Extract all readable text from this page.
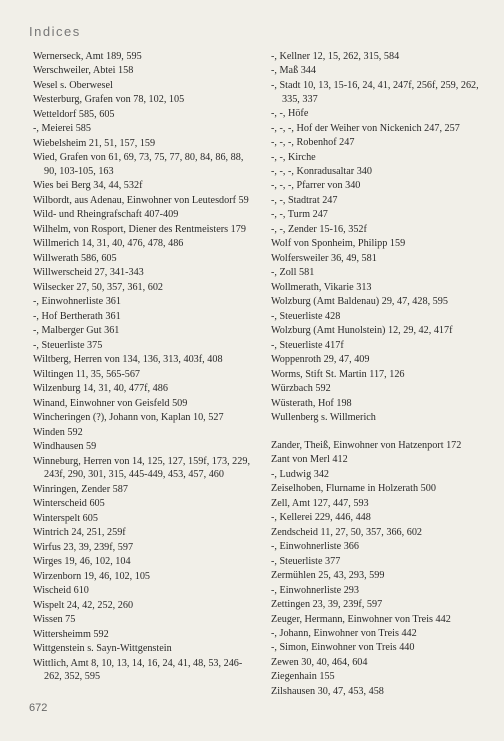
Indices
Wernerseck, Amt 189, 595
Werschweiler, Abtei 158
Wesel s. Oberwesel
Westerburg, Grafen von 78, 102, 105
Wetteldorf 585, 605
-, Meierei 585
Wiebelsheim 21, 51, 157, 159
Wied, Grafen von 61, 69, 73, 75, 77, 80, 84, 86, 88, 90, 103-105, 163
Wies bei Berg 34, 44, 532f
Wilbordt, aus Adenau, Einwohner von Leutesdorf 59
Wild- und Rheingrafschaft 407-409
Wilhelm, von Rosport, Diener des Rentmeisters 179
Willmerich 14, 31, 40, 476, 478, 486
Willwerath 586, 605
Willwerscheid 27, 341-343
Wilsecker 27, 50, 357, 361, 602
-, Einwohnerliste 361
-, Hof Bertherath 361
-, Malberger Gut 361
-, Steuerliste 375
Wiltberg, Herren von 134, 136, 313, 403f, 408
Wiltingen 11, 35, 565-567
Wilzenburg 14, 31, 40, 477f, 486
Winand, Einwohner von Geisfeld 509
Wincheringen (?), Johann von, Kaplan 10, 527
Winden 592
Windhausen 59
Winneburg, Herren von 14, 125, 127, 159f, 173, 229, 243f, 290, 301, 315, 445-449, 453, 457, 460
Winringen, Zender 587
Winterscheid 605
Winterspelt 605
Wintrich 24, 251, 259f
Wirfus 23, 39, 239f, 597
Wirges 19, 46, 102, 104
Wirzenborn 19, 46, 102, 105
Wischeid 610
Wispelt 24, 42, 252, 260
Wissen 75
Wittersheimm 592
Wittgenstein s. Sayn-Wittgenstein
Wittlich, Amt 8, 10, 13, 14, 16, 24, 41, 48, 53, 246-262, 352, 595
-, Kellner 12, 15, 262, 315, 584
-, Maß 344
-, Stadt 10, 13, 15-16, 24, 41, 247f, 256f, 259, 262, 335, 337
-, -, Höfe
-, -, -, Hof der Weiher von Nickenich 247, 257
-, -, -, Robenhof 247
-, -, Kirche
-, -, -, Konradusaltar 340
-, -, -, Pfarrer von 340
-, -, Stadtrat 247
-, -, Turm 247
-, -, Zender 15-16, 352f
Wolf von Sponheim, Philipp 159
Wolfersweiler 36, 49, 581
-, Zoll 581
Wollmerath, Vikarie 313
Wolzburg (Amt Baldenau) 29, 47, 428, 595
-, Steuerliste 428
Wolzburg (Amt Hunolstein) 12, 29, 42, 417f
-, Steuerliste 417f
Woppenroth 29, 47, 409
Worms, Stift St. Martin 117, 126
Würzbach 592
Wüsterath, Hof 198
Wullenberg s. Willmerich
Zander, Theiß, Einwohner von Hatzenport 172
Zant von Merl 412
-, Ludwig 342
Zeiselhoben, Flurname in Holzerath 500
Zell, Amt 127, 447, 593
-, Kellerei 229, 446, 448
Zendscheid 11, 27, 50, 357, 366, 602
-, Einwohnerliste 366
-, Steuerliste 377
Zermühlen 25, 43, 293, 599
-, Einwohnerliste 293
Zettingen 23, 39, 239f, 597
Zeuger, Hermann, Einwohner von Treis 442
-, Johann, Einwohner von Treis 442
-, Simon, Einwohner von Treis 440
Zewen 30, 40, 464, 604
Ziegenhain 155
Zilshausen 30, 47, 453, 458
672
